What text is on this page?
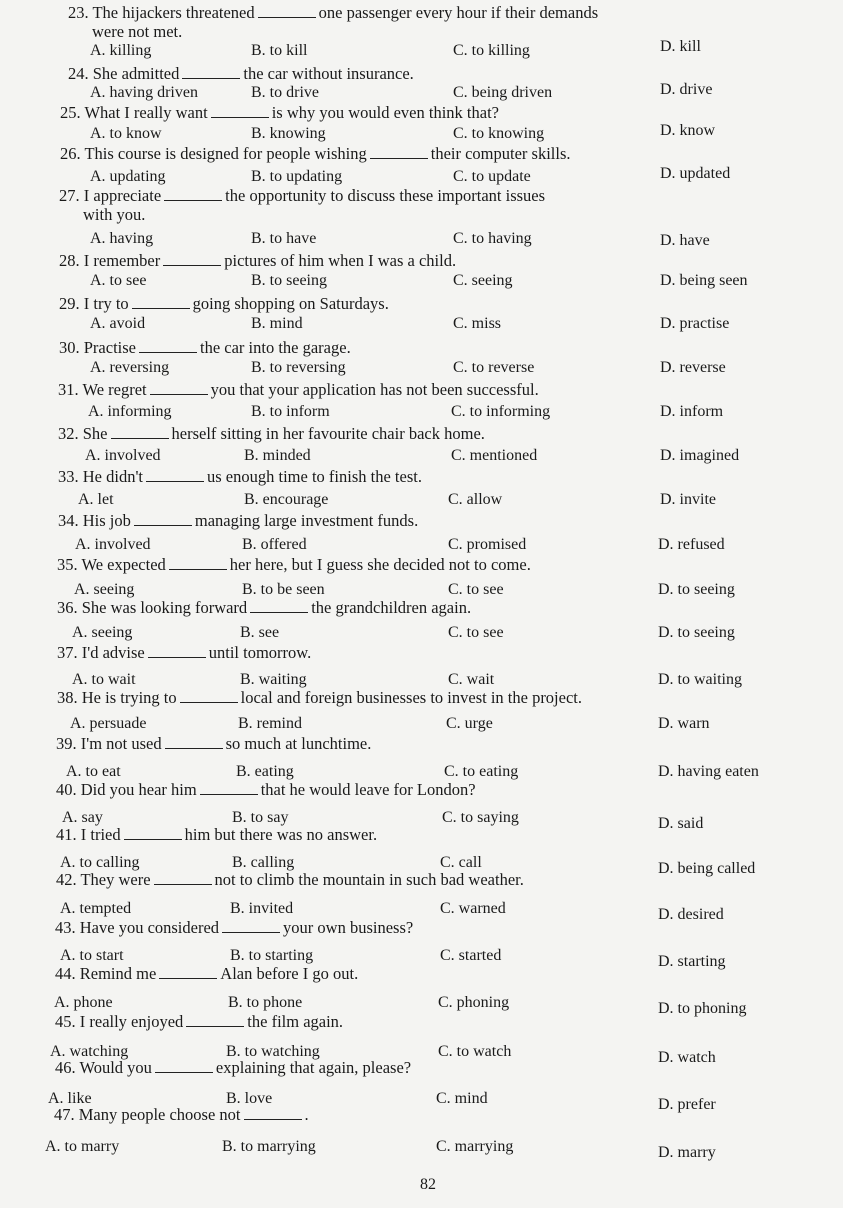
23. The hijackers threatened	one passenger every hour if their demands
were not met.
A. killing	B. to kill	C. to killing	D. kill
24. She admitted	the car without insurance.
A. having driven	B. to drive	C. being driven	D. drive
25. What I really want	is why you would even think that?
A. to know	B. knowing	C. to knowing	D. know
26. This course is designed for people wishing	their computer skills.
A. updating	B. to updating	C. to update	D. updated
27. I appreciate	the opportunity to discuss these important issues
with you.
A. having	B. to have	C. to having	D. have
28. I remember	pictures of him when I was a child.
A. to see	B. to seeing	C. seeing	D. being seen
29. I try to	going shopping on Saturdays.
A. avoid	B. mind	C. miss	D. practise
30. Practise	the car into the garage.
A. reversing	B. to reversing	C. to reverse	D. reverse
31. We regret	you that your application has not been successful.
A. informing	B. to inform	C. to informing	D. inform
32. She	herself sitting in her favourite chair back home.
A. involved	B. minded	C. mentioned	D. imagined
33. He didn't	us enough time to finish the test.
A. let	B. encourage	C. allow	D. invite
34. His job	managing large investment funds.
A. involved	B. offered	C. promised	D. refused
35. We expected	her here, but I guess she decided not to come.
A. seeing	B. to be seen	C. to see	D. to seeing
36. She was looking forward	the grandchildren again.
A. seeing	B. see	C. to see	D. to seeing
37. I'd advise	until tomorrow.
A. to wait	B. waiting	C. wait	D. to waiting
38. He is trying to	local and foreign businesses to invest in the project.
A. persuade	B. remind	C. urge	D. warn
39. I'm not used	so much at lunchtime.
A. to eat	B. eating	C. to eating	D. having eaten
40. Did you hear him	that he would leave for London?
A. say	B. to say	C. to saying	D. said
41. I tried	him but there was no answer.
A. to calling	B. calling	C. call	D. being called
42. They were	not to climb the mountain in such bad weather.
A. tempted	B. invited	C. warned	D. desired
43. Have you considered	your own business?
A. to start	B. to starting	C. started	D. starting
44. Remind me	Alan before I go out.
A. phone	B. to phone	C. phoning	D. to phoning
45. I really enjoyed	the film again.
A. watching	B. to watching	C. to watch	D. watch
46. Would you	explaining that again, please?
A. like	B. love	C. mind	D. prefer
47. Many people choose not	.
A. to marry	B. to marrying	C. marrying	D. marry
82
